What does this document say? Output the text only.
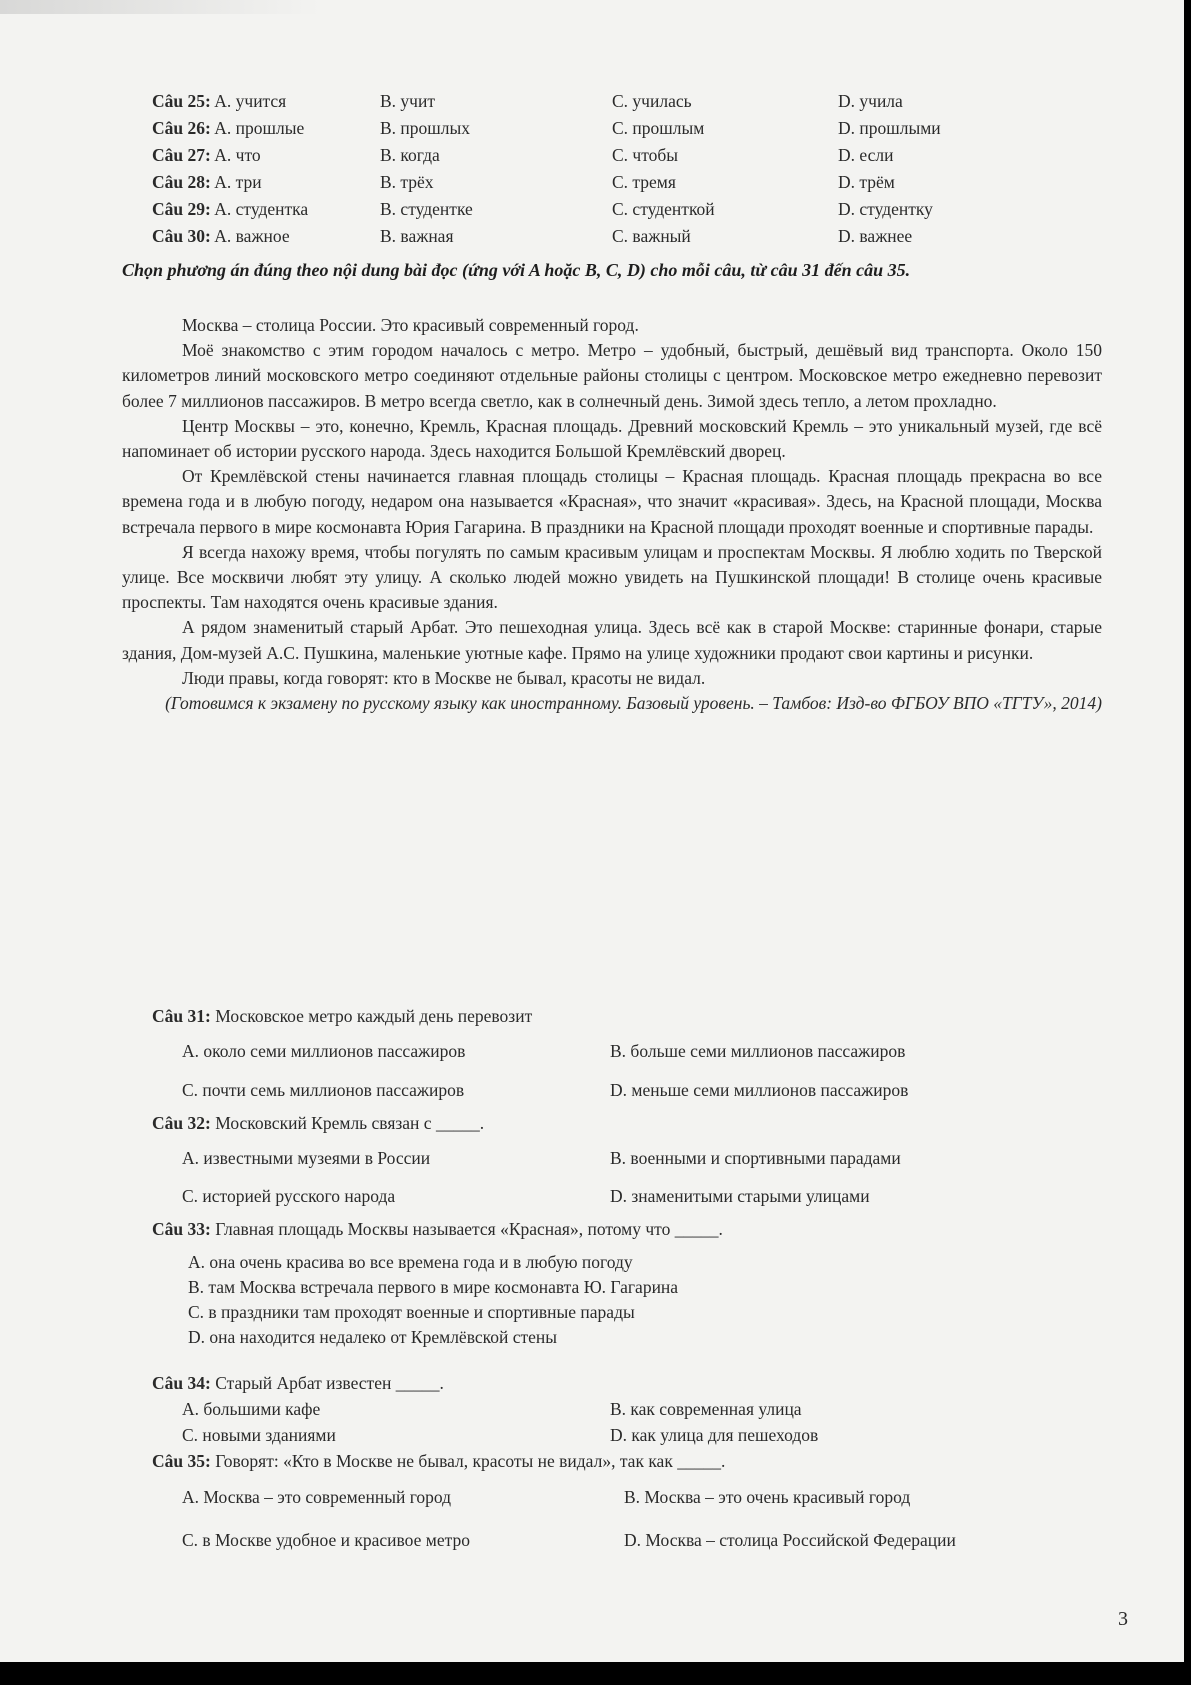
Câu 25: A. учится	B. учит	C. училась	D. учила
Câu 26: A. прошлые	B. прошлых	C. прошлым	D. прошлыми
Câu 27: A. что	B. когда	C. чтобы	D. если
Câu 28: A. три	B. трёх	C. тремя	D. трём
Câu 29: A. студентка	B. студентке	C. студенткой	D. студентку
Câu 30: A. важное	B. важная	C. важный	D. важнее
Chọn phương án đúng theo nội dung bài đọc (ứng với A hoặc B, C, D) cho mỗi câu, từ câu 31 đến câu 35.

Москва – столица России. Это красивый современный город.

Моё знакомство с этим городом началось с метро. Метро – удобный, быстрый, дешёвый вид транспорта. Около 150 километров линий московского метро соединяют отдельные районы столицы с центром. Московское метро ежедневно перевозит более 7 миллионов пассажиров. В метро всегда светло, как в солнечный день. Зимой здесь тепло, а летом прохладно.

Центр Москвы – это, конечно, Кремль, Красная площадь. Древний московский Кремль – это уникальный музей, где всё напоминает об истории русского народа. Здесь находится Большой Кремлёвский дворец.

От Кремлёвской стены начинается главная площадь столицы – Красная площадь. Красная площадь прекрасна во все времена года и в любую погоду, недаром она называется «Красная», что значит «красивая». Здесь, на Красной площади, Москва встречала первого в мире космонавта Юрия Гагарина. В праздники на Красной площади проходят военные и спортивные парады.

Я всегда нахожу время, чтобы погулять по самым красивым улицам и проспектам Москвы. Я люблю ходить по Тверской улице. Все москвичи любят эту улицу. А сколько людей можно увидеть на Пушкинской площади! В столице очень красивые проспекты. Там находятся очень красивые здания.

А рядом знаменитый старый Арбат. Это пешеходная улица. Здесь всё как в старой Москве: старинные фонари, старые здания, Дом-музей А.С. Пушкина, маленькие уютные кафе. Прямо на улице художники продают свои картины и рисунки.

Люди правы, когда говорят: кто в Москве не бывал, красоты не видал.

(Готовимся к экзамену по русскому языку как иностранному. Базовый уровень. – Тамбов: Изд-во ФГБОУ ВПО «ТГТУ», 2014)

Câu 31: Московское метро каждый день перевозит
A. около семи миллионов пассажиров	B. больше семи миллионов пассажиров
C. почти семь миллионов пассажиров	D. меньше семи миллионов пассажиров
Câu 32: Московский Кремль связан с _____.
A. известными музеями в России	B. военными и спортивными парадами
C. историей русского народа	D. знаменитыми старыми улицами
Câu 33: Главная площадь Москвы называется «Красная», потому что _____.
A. она очень красива во все времена года и в любую погоду
B. там Москва встречала первого в мире космонавта Ю. Гагарина
C. в праздники там проходят военные и спортивные парады
D. она находится недалеко от Кремлёвской стены
Câu 34: Старый Арбат известен _____.
A. большими кафе	B. как современная улица
C. новыми зданиями	D. как улица для пешеходов
Câu 35: Говорят: «Кто в Москве не бывал, красоты не видал», так как _____.
A. Москва – это современный город	B. Москва – это очень красивый город
C. в Москве удобное и красивое метро	D. Москва – столица Российской Федерации
3
